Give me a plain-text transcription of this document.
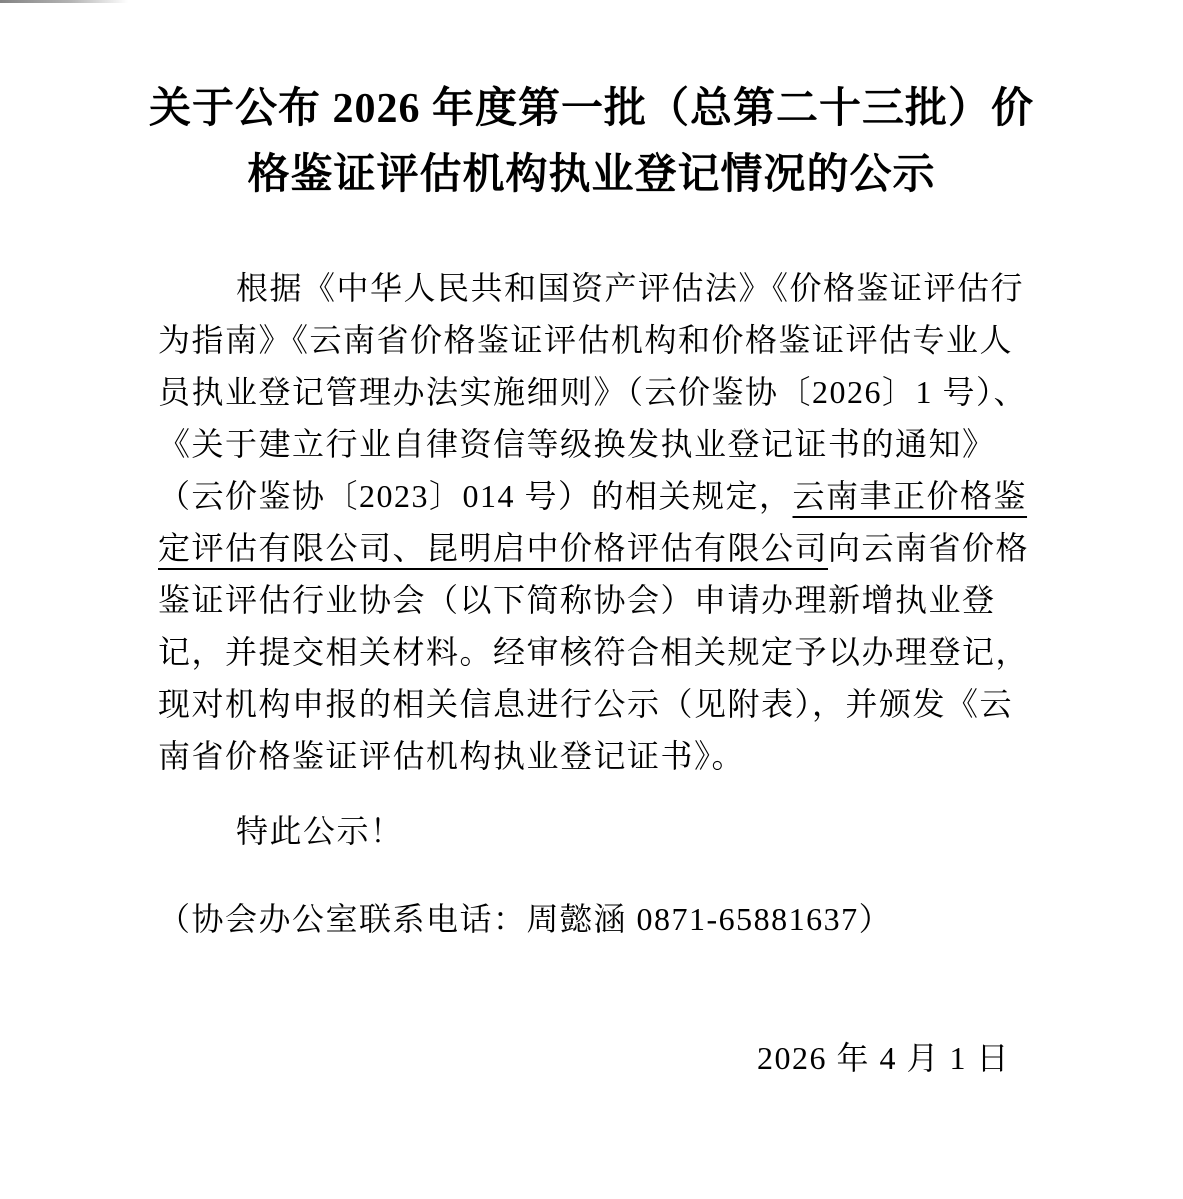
关于公布 2026 年度第一批（总第二十三批）价
格鉴证评估机构执业登记情况的公示
根据《中华人民共和国资产评估法》《价格鉴证评估行
为指南》《云南省价格鉴证评估机构和价格鉴证评估专业人
员执业登记管理办法实施细则》（云价鉴协〔2026〕1 号）、
《关于建立行业自律资信等级换发执业登记证书的通知》
（云价鉴协〔2023〕014 号）的相关规定，云南聿正价格鉴
定评估有限公司、昆明启中价格评估有限公司向云南省价格
鉴证评估行业协会（以下简称协会）申请办理新增执业登
记，并提交相关材料。经审核符合相关规定予以办理登记，
现对机构申报的相关信息进行公示（见附表），并颁发《云
南省价格鉴证评估机构执业登记证书》。
特此公示！
（协会办公室联系电话：周懿涵 0871-65881637）
2026 年 4 月 1 日
